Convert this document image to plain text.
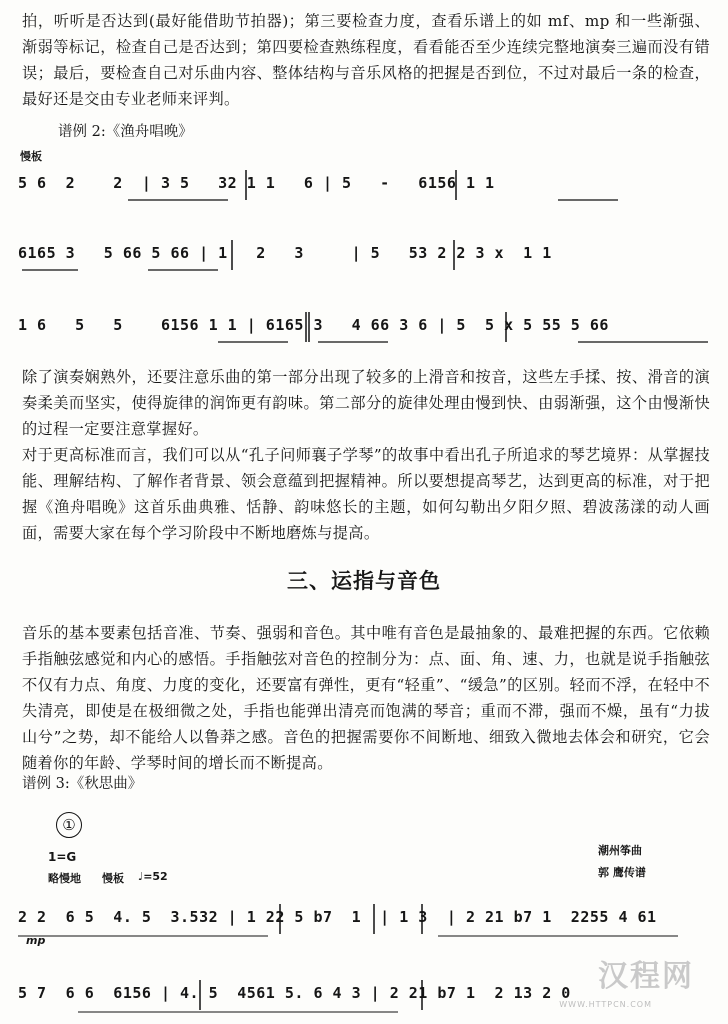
拍，听听是否达到(最好能借助节拍器)；第三要检查力度，查看乐谱上的如 mf、mp 和一些渐强、渐弱等标记，检查自己是否达到；第四要检查熟练程度，看看能否至少连续完整地演奏三遍而没有错误；最后，要检查自己对乐曲内容、整体结构与音乐风格的把握是否到位，不过对最后一条的检查，最好还是交由专业老师来评判。

谱例 2:《渔舟唱晚》

慢板
5 6  2    2  | 3 5   32 1 1   6 | 5   -   6156 1 1
6165 3   5 66 5 66 | 1   2   3     | 5   53 2 2 3 x  1 1
1 6   5   5    6156 1 1 | 6165 3   4 66 3 6 | 5  5 x 5 55 5 66

除了演奏娴熟外，还要注意乐曲的第一部分出现了较多的上滑音和按音，这些左手揉、按、滑音的演奏柔美而坚实，使得旋律的润饰更有韵味。第二部分的旋律处理由慢到快、由弱渐强，这个由慢渐快的过程一定要注意掌握好。

对于更高标准而言，我们可以从“孔子问师襄子学琴”的故事中看出孔子所追求的琴艺境界：从掌握技能、理解结构、了解作者背景、领会意蕴到把握精神。所以要想提高琴艺，达到更高的标准，对于把握《渔舟唱晚》这首乐曲典雅、恬静、韵味悠长的主题，如何勾勒出夕阳夕照、碧波荡漾的动人画面，需要大家在每个学习阶段中不断地磨炼与提高。

三、运指与音色

音乐的基本要素包括音准、节奏、强弱和音色。其中唯有音色是最抽象的、最难把握的东西。它依赖手指触弦感觉和内心的感悟。手指触弦对音色的控制分为：点、面、角、速、力，也就是说手指触弦不仅有力点、角度、力度的变化，还要富有弹性，更有“轻重”、“缓急”的区别。轻而不浮，在轻中不失清亮，即使是在极细微之处，手指也能弹出清亮而饱满的琴音；重而不滞，强而不燥，虽有“力拔山兮”之势，却不能给人以鲁莽之感。音色的把握需要你不间断地、细致入微地去体会和研究，它会随着你的年龄、学琴时间的增长而不断提高。

谱例 3:《秋思曲》

①
1=G
略慢地 慢板 ♩=52
潮州筝曲
郭 鹰传谱
2 2  6 5  4. 5  3.532 | 1 22 5 b7  1  | 1 3  | 2 21 b7 1  2255 4 61
mp
5 7  6 6  6156 | 4. 5  4561 5. 6 4 3 | 2 21 b7 1  2 13 2 0 汉程网
WWW.HTTPCN.COM
